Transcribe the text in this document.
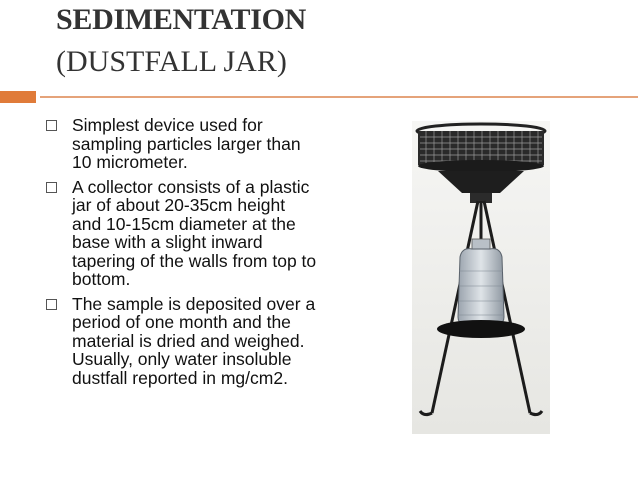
SEDIMENTATION
(DUSTFALL JAR)
Simplest device used for sampling particles larger than 10 micrometer.
A collector consists of a plastic jar of about 20-35cm height and 10-15cm diameter at the base with a slight inward tapering of the walls from top to bottom.
The sample is deposited over a period of one month and the material is dried and weighed. Usually, only water insoluble dustfall reported in mg/cm2.
